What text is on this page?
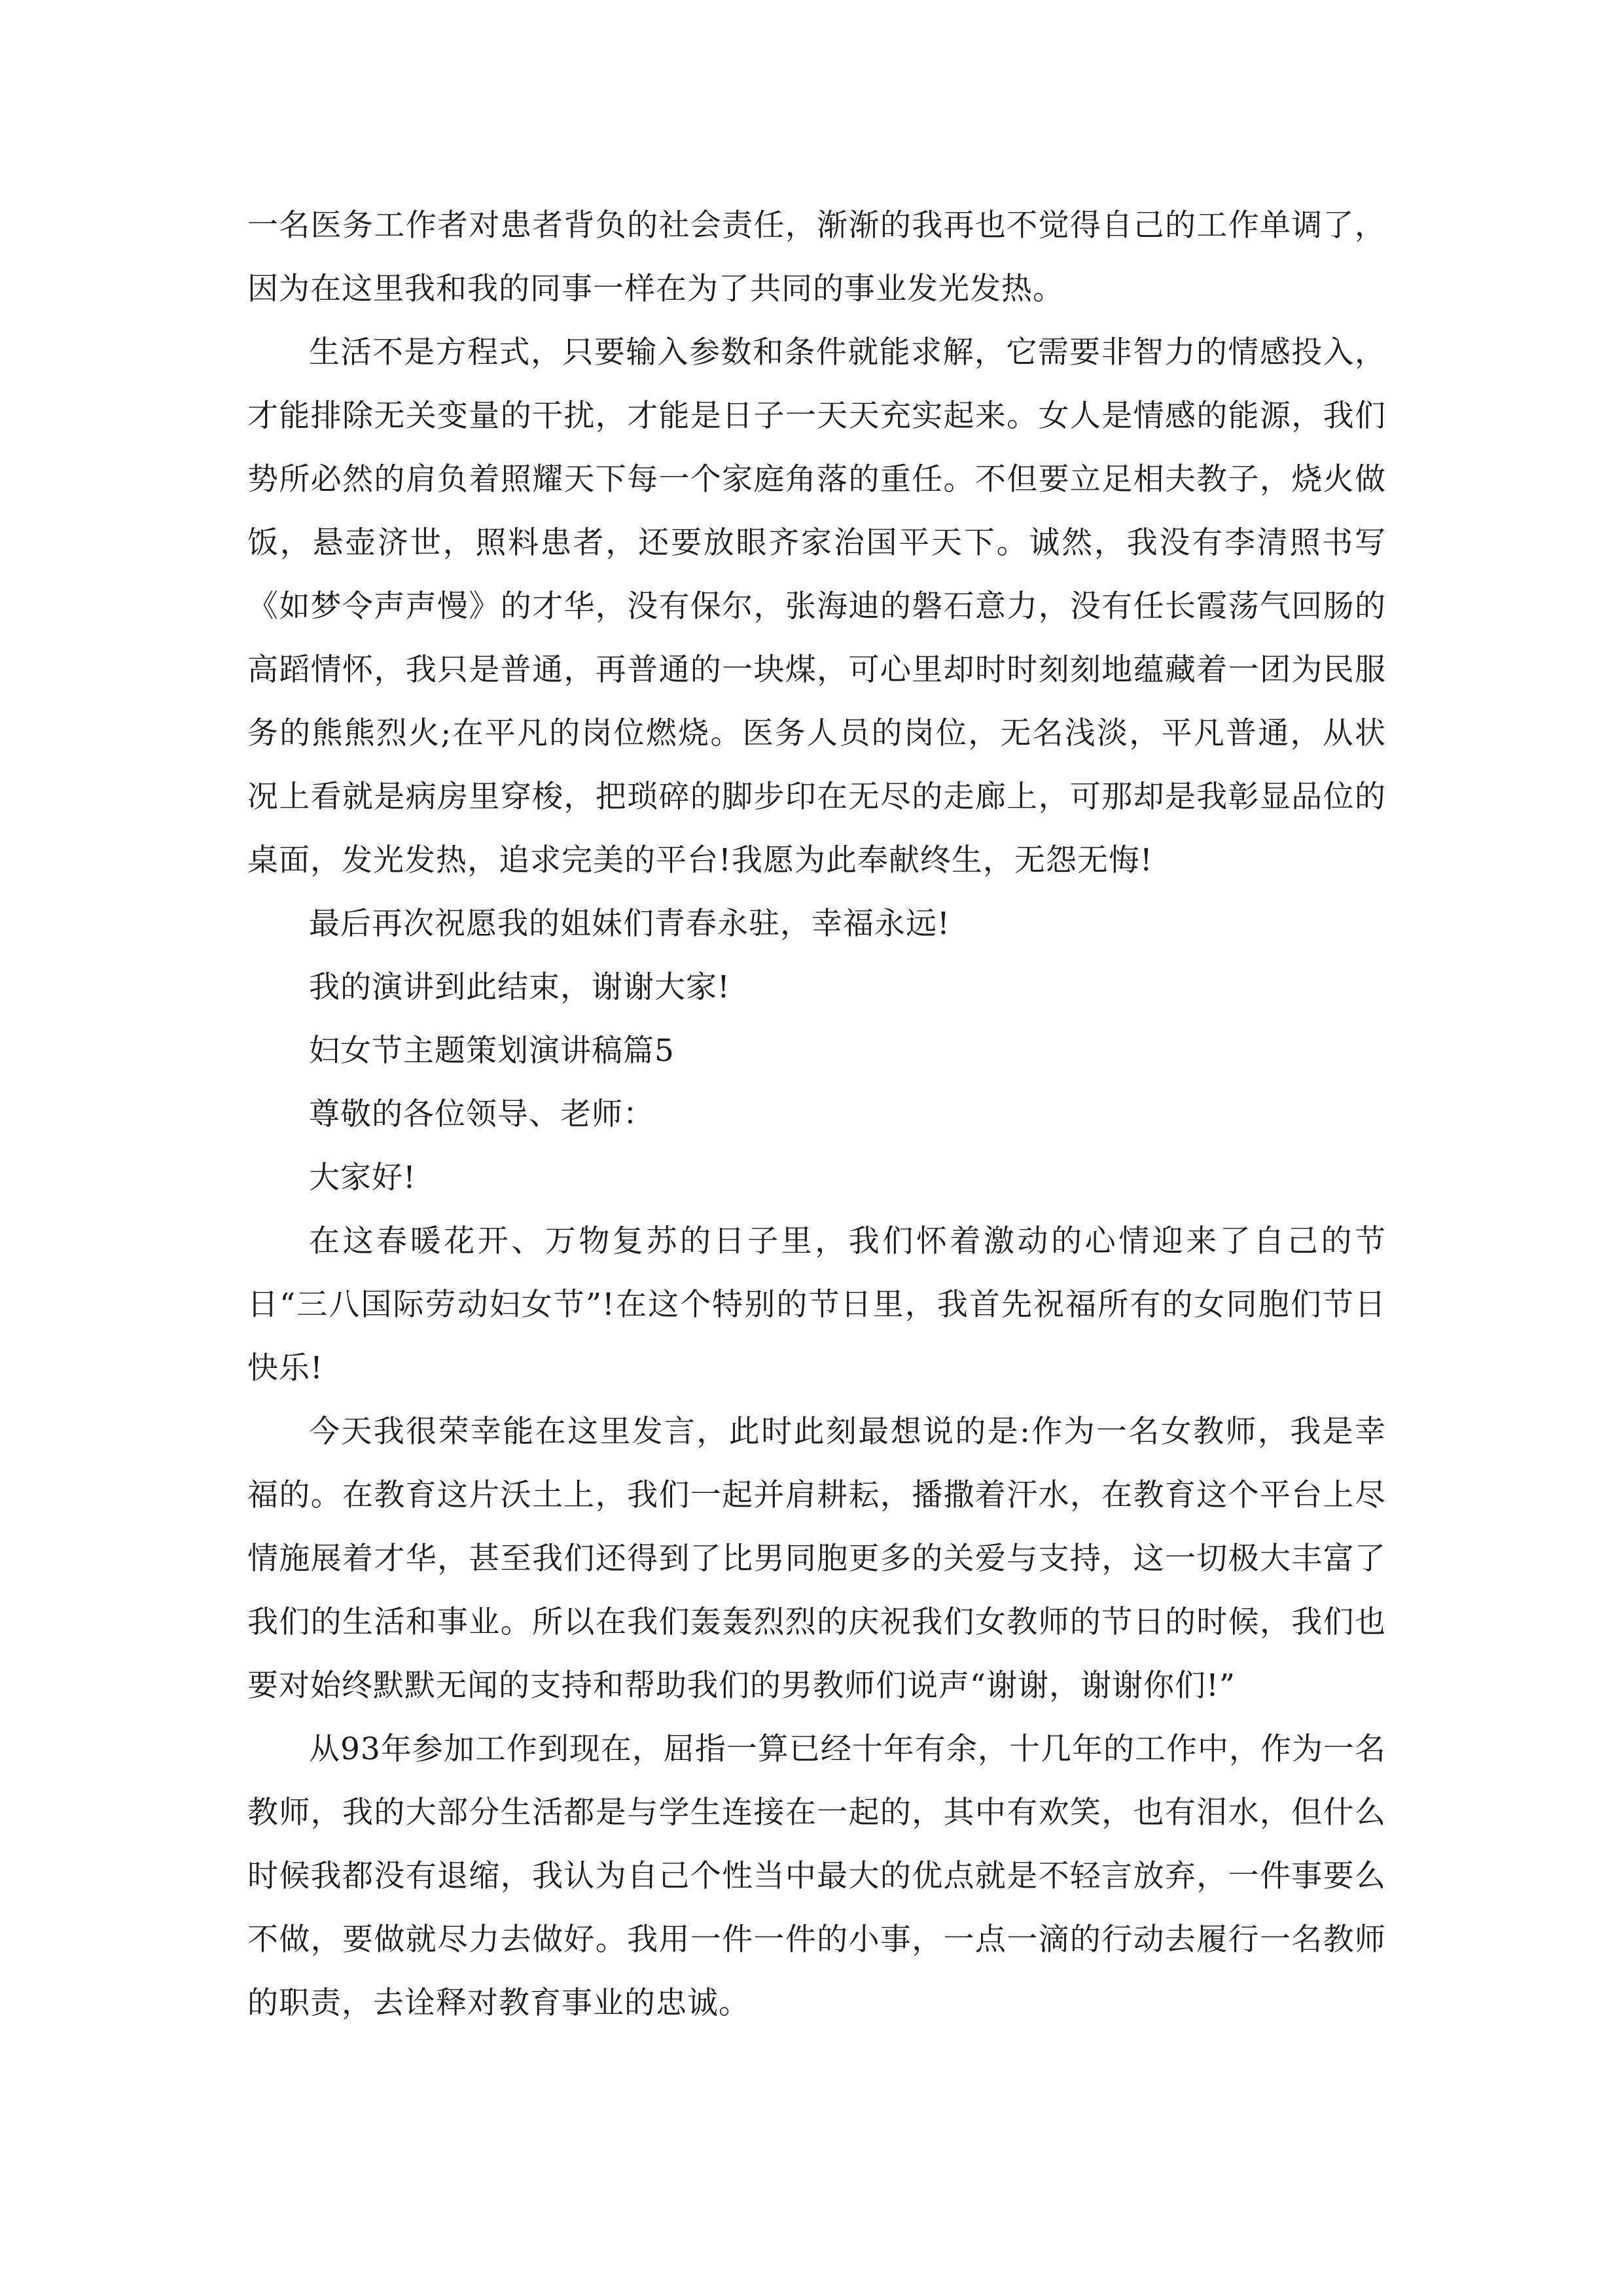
一名医务工作者对患者背负的社会责任，渐渐的我再也不觉得自己的工作单调了，因为在这里我和我的同事一样在为了共同的事业发光发热。

生活不是方程式，只要输入参数和条件就能求解，它需要非智力的情感投入，才能排除无关变量的干扰，才能是日子一天天充实起来。女人是情感的能源，我们势所必然的肩负着照耀天下每一个家庭角落的重任。不但要立足相夫教子，烧火做饭，悬壶济世，照料患者，还要放眼齐家治国平天下。诚然，我没有李清照书写《如梦令声声慢》的才华，没有保尔，张海迪的磐石意力，没有任长霞荡气回肠的高蹈情怀，我只是普通，再普通的一块煤，可心里却时时刻刻地蕴藏着一团为民服务的熊熊烈火;在平凡的岗位燃烧。医务人员的岗位，无名浅淡，平凡普通，从状况上看就是病房里穿梭，把琐碎的脚步印在无尽的走廊上，可那却是我彰显品位的桌面，发光发热，追求完美的平台!我愿为此奉献终生，无怨无悔!

最后再次祝愿我的姐妹们青春永驻，幸福永远!

我的演讲到此结束，谢谢大家!

妇女节主题策划演讲稿篇5

尊敬的各位领导、老师：

大家好!

在这春暖花开、万物复苏的日子里，我们怀着激动的心情迎来了自己的节日“三八国际劳动妇女节”!在这个特别的节日里，我首先祝福所有的女同胞们节日快乐!

今天我很荣幸能在这里发言，此时此刻最想说的是:作为一名女教师，我是幸福的。在教育这片沃土上，我们一起并肩耕耘，播撒着汗水，在教育这个平台上尽情施展着才华，甚至我们还得到了比男同胞更多的关爱与支持，这一切极大丰富了我们的生活和事业。所以在我们轰轰烈烈的庆祝我们女教师的节日的时候，我们也要对始终默默无闻的支持和帮助我们的男教师们说声“谢谢，谢谢你们!”

从93年参加工作到现在，屈指一算已经十年有余，十几年的工作中，作为一名教师，我的大部分生活都是与学生连接在一起的，其中有欢笑，也有泪水，但什么时候我都没有退缩，我认为自己个性当中最大的优点就是不轻言放弃，一件事要么不做，要做就尽力去做好。我用一件一件的小事，一点一滴的行动去履行一名教师的职责，去诠释对教育事业的忠诚。
